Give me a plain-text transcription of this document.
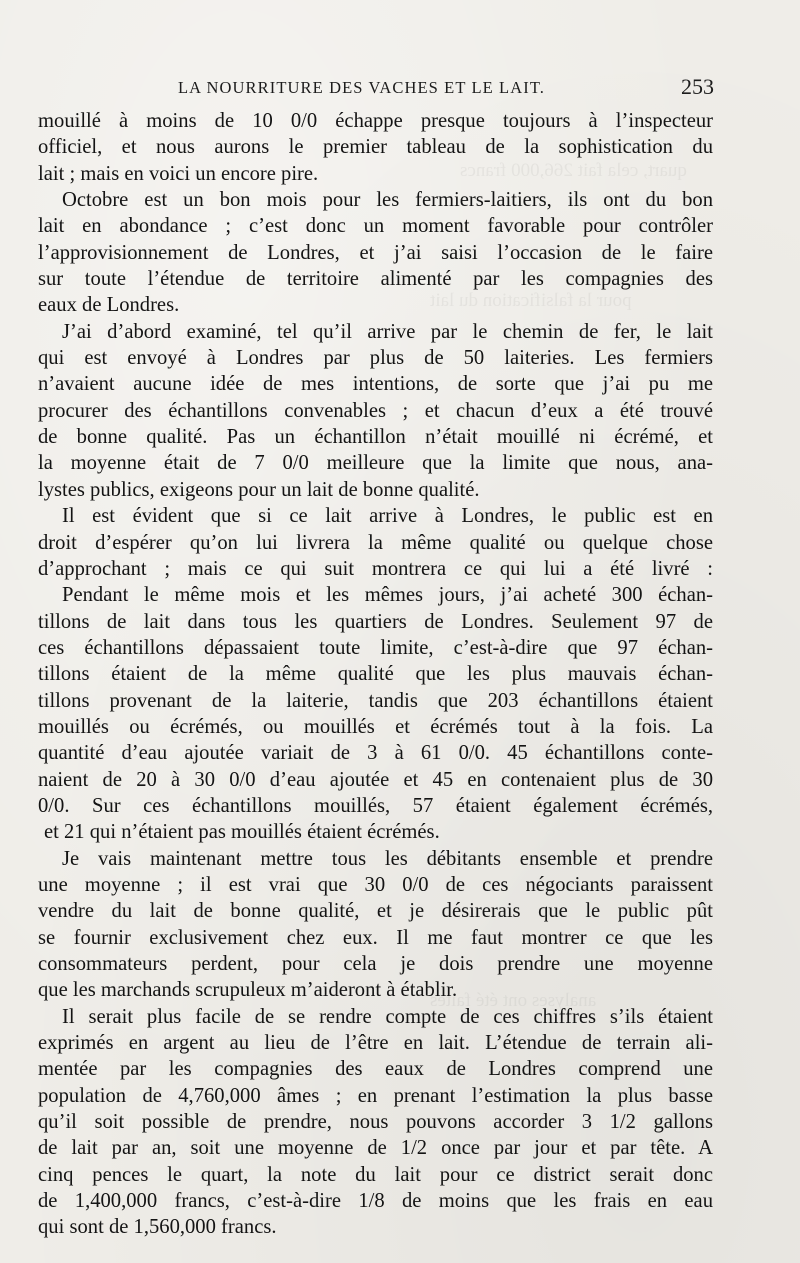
quart, cela fait 266,000 francs
pour la falsification du lait
analyses ont été faites
LA NOURRITURE DES VACHES ET LE LAIT.	253
mouillé à moins de 10 0/0 échappe presque toujours à l’inspecteur
officiel, et nous aurons le premier tableau de la sophistication du
lait ; mais en voici un encore pire.
Octobre est un bon mois pour les fermiers-laitiers, ils ont du bon
lait en abondance ; c’est donc un moment favorable pour contrôler
l’approvisionnement de Londres, et j’ai saisi l’occasion de le faire
sur toute l’étendue de territoire alimenté par les compagnies des
eaux de Londres.
J’ai d’abord examiné, tel qu’il arrive par le chemin de fer, le lait
qui est envoyé à Londres par plus de 50 laiteries. Les fermiers
n’avaient aucune idée de mes intentions, de sorte que j’ai pu me
procurer des échantillons convenables ; et chacun d’eux a été trouvé
de bonne qualité. Pas un échantillon n’était mouillé ni écrémé, et
la moyenne était de 7 0/0 meilleure que la limite que nous, ana-
lystes publics, exigeons pour un lait de bonne qualité.
Il est évident que si ce lait arrive à Londres, le public est en
droit d’espérer qu’on lui livrera la même qualité ou quelque chose
d’approchant ; mais ce qui suit montrera ce qui lui a été livré :
Pendant le même mois et les mêmes jours, j’ai acheté 300 échan-
tillons de lait dans tous les quartiers de Londres. Seulement 97 de
ces échantillons dépassaient toute limite, c’est-à-dire que 97 échan-
tillons étaient de la même qualité que les plus mauvais échan-
tillons provenant de la laiterie, tandis que 203 échantillons étaient
mouillés ou écrémés, ou mouillés et écrémés tout à la fois. La
quantité d’eau ajoutée variait de 3 à 61 0/0. 45 échantillons conte-
naient de 20 à 30 0/0 d’eau ajoutée et 45 en contenaient plus de 30
0/0. Sur ces échantillons mouillés, 57 étaient également écrémés,
et 21 qui n’étaient pas mouillés étaient écrémés.
Je vais maintenant mettre tous les débitants ensemble et prendre
une moyenne ; il est vrai que 30 0/0 de ces négociants paraissent
vendre du lait de bonne qualité, et je désirerais que le public pût
se fournir exclusivement chez eux. Il me faut montrer ce que les
consommateurs perdent, pour cela je dois prendre une moyenne
que les marchands scrupuleux m’aideront à établir.
Il serait plus facile de se rendre compte de ces chiffres s’ils étaient
exprimés en argent au lieu de l’être en lait. L’étendue de terrain ali-
mentée par les compagnies des eaux de Londres comprend une
population de 4,760,000 âmes ; en prenant l’estimation la plus basse
qu’il soit possible de prendre, nous pouvons accorder 3 1/2 gallons
de lait par an, soit une moyenne de 1/2 once par jour et par tête. A
cinq pences le quart, la note du lait pour ce district serait donc
de 1,400,000 francs, c’est-à-dire 1/8 de moins que les frais en eau
qui sont de 1,560,000 francs.
